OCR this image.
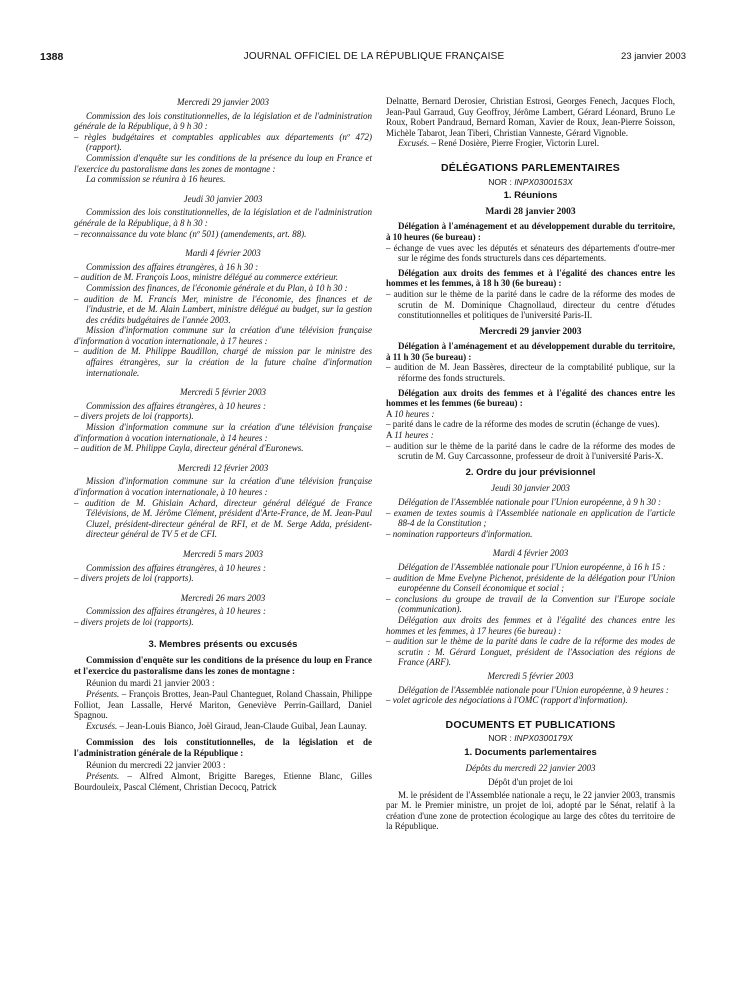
1388	JOURNAL OFFICIEL DE LA RÉPUBLIQUE FRANÇAISE	23 janvier 2003

Mercredi 29 janvier 2003

Commission des lois constitutionnelles, de la législation et de l'administration générale de la République, à 9 h 30 :

– règles budgétaires et comptables applicables aux départements (nº 472) (rapport).

Commission d'enquête sur les conditions de la présence du loup en France et l'exercice du pastoralisme dans les zones de montagne :

La commission se réunira à 16 heures.

Jeudi 30 janvier 2003

Commission des lois constitutionnelles, de la législation et de l'administration générale de la République, à 8 h 30 :

– reconnaissance du vote blanc (nº 501) (amendements, art. 88).

Mardi 4 février 2003

Commission des affaires étrangères, à 16 h 30 :

– audition de M. François Loos, ministre délégué au commerce extérieur.

Commission des finances, de l'économie générale et du Plan, à 10 h 30 :

– audition de M. Francis Mer, ministre de l'économie, des finances et de l'industrie, et de M. Alain Lambert, ministre délégué au budget, sur la gestion des crédits budgétaires de l'année 2003.

Mission d'information commune sur la création d'une télévision française d'information à vocation internationale, à 17 heures :

– audition de M. Philippe Baudillon, chargé de mission par le ministre des affaires étrangères, sur la création de la future chaîne d'information internationale.

Mercredi 5 février 2003

Commission des affaires étrangères, à 10 heures :

– divers projets de loi (rapports).

Mission d'information commune sur la création d'une télévision française d'information à vocation internationale, à 14 heures :

– audition de M. Philippe Cayla, directeur général d'Euronews.

Mercredi 12 février 2003

Mission d'information commune sur la création d'une télévision française d'information à vocation internationale, à 10 heures :

– audition de M. Ghislain Achard, directeur général délégué de France Télévisions, de M. Jérôme Clément, président d'Arte-France, de M. Jean-Paul Cluzel, président-directeur général de RFI, et de M. Serge Adda, président-directeur général de TV 5 et de CFI.

Mercredi 5 mars 2003

Commission des affaires étrangères, à 10 heures :

– divers projets de loi (rapports).

Mercredi 26 mars 2003

Commission des affaires étrangères, à 10 heures :

– divers projets de loi (rapports).

3. Membres présents ou excusés

Commission d'enquête sur les conditions de la présence du loup en France et l'exercice du pastoralisme dans les zones de montagne :

Réunion du mardi 21 janvier 2003 :

Présents. – François Brottes, Jean-Paul Chanteguet, Roland Chassain, Philippe Folliot, Jean Lassalle, Hervé Mariton, Geneviève Perrin-Gaillard, Daniel Spagnou.

Excusés. – Jean-Louis Bianco, Joël Giraud, Jean-Claude Guibal, Jean Launay.

Commission des lois constitutionnelles, de la législation et de l'administration générale de la République :

Réunion du mercredi 22 janvier 2003 :

Présents. – Alfred Almont, Brigitte Bareges, Etienne Blanc, Gilles Bourdouleix, Pascal Clément, Christian Decocq, Patrick

Delnatte, Bernard Derosier, Christian Estrosi, Georges Fenech, Jacques Floch, Jean-Paul Garraud, Guy Geoffroy, Jérôme Lambert, Gérard Léonard, Bruno Le Roux, Robert Pandraud, Bernard Roman, Xavier de Roux, Jean-Pierre Soisson, Michèle Tabarot, Jean Tiberi, Christian Vanneste, Gérard Vignoble.

Excusés. – René Dosière, Pierre Frogier, Victorin Lurel.

DÉLÉGATIONS PARLEMENTAIRES

NOR : INPX0300153X

1. Réunions

Mardi 28 janvier 2003

Délégation à l'aménagement et au développement durable du territoire, à 10 heures (6e bureau) :

– échange de vues avec les députés et sénateurs des départements d'outre-mer sur le régime des fonds structurels dans ces départements.

Délégation aux droits des femmes et à l'égalité des chances entre les hommes et les femmes, à 18 h 30 (6e bureau) :

– audition sur le thème de la parité dans le cadre de la réforme des modes de scrutin de M. Dominique Chagnollaud, directeur du centre d'études constitutionnelles et politiques de l'université Paris-II.

Mercredi 29 janvier 2003

Délégation à l'aménagement et au développement durable du territoire, à 11 h 30 (5e bureau) :

– audition de M. Jean Bassères, directeur de la comptabilité publique, sur la réforme des fonds structurels.

Délégation aux droits des femmes et à l'égalité des chances entre les hommes et les femmes (6e bureau) :

A 10 heures :

– parité dans le cadre de la réforme des modes de scrutin (échange de vues).

A 11 heures :

– audition sur le thème de la parité dans le cadre de la réforme des modes de scrutin de M. Guy Carcassonne, professeur de droit à l'université Paris-X.

2. Ordre du jour prévisionnel

Jeudi 30 janvier 2003

Délégation de l'Assemblée nationale pour l'Union européenne, à 9 h 30 :

– examen de textes soumis à l'Assemblée nationale en application de l'article 88-4 de la Constitution ;

– nomination rapporteurs d'information.

Mardi 4 février 2003

Délégation de l'Assemblée nationale pour l'Union européenne, à 16 h 15 :

– audition de Mme Evelyne Pichenot, présidente de la délégation pour l'Union européenne du Conseil économique et social ;

– conclusions du groupe de travail de la Convention sur l'Europe sociale (communication).

Délégation aux droits des femmes et à l'égalité des chances entre les hommes et les femmes, à 17 heures (6e bureau) :

– audition sur le thème de la parité dans le cadre de la réforme des modes de scrutin : M. Gérard Longuet, président de l'Association des régions de France (ARF).

Mercredi 5 février 2003

Délégation de l'Assemblée nationale pour l'Union européenne, à 9 heures :

– volet agricole des négociations à l'OMC (rapport d'information).

DOCUMENTS ET PUBLICATIONS

NOR : INPX0300179X

1. Documents parlementaires

Dépôts du mercredi 22 janvier 2003

Dépôt d'un projet de loi

M. le président de l'Assemblée nationale a reçu, le 22 janvier 2003, transmis par M. le Premier ministre, un projet de loi, adopté par le Sénat, relatif à la création d'une zone de protection écologique au large des côtes du territoire de la République.
